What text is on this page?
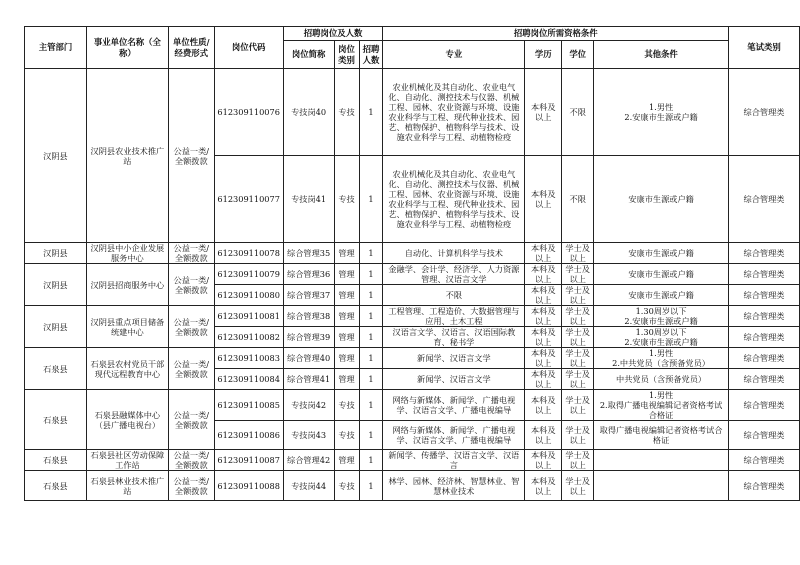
主管部门	事业单位名称（全称）	单位性质/经费形式	岗位代码	招聘岗位及人数			招聘岗位所需资格条件				笔试类别
				岗位简称	岗位类别	招聘人数	专业	学历	学位	其他条件	
汉阴县	汉阴县农业技术推广站	公益一类/全额拨款	612309110076	专技岗40	专技	1	农业机械化及其自动化、农业电气化、自动化、测控技术与仪器、机械工程、园林、农业资源与环境、设施农业科学与工程、现代种业技术、园艺、植物保护、植物科学与技术、设施农业科学与工程、动植物检疫	本科及以上	不限	1.男性
2.安康市生源或户籍	综合管理类
			612309110077	专技岗41	专技	1	农业机械化及其自动化、农业电气化、自动化、测控技术与仪器、机械工程、园林、农业资源与环境、设施农业科学与工程、现代种业技术、园艺、植物保护、植物科学与技术、设施农业科学与工程、动植物检疫	本科及以上	不限	安康市生源或户籍	综合管理类
汉阴县	汉阴县中小企业发展服务中心	公益一类/全额拨款	612309110078	综合管理35	管理	1	自动化、计算机科学与技术	本科及以上	学士及以上	安康市生源或户籍	综合管理类
汉阴县	汉阴县招商服务中心	公益一类/全额拨款	612309110079	综合管理36	管理	1	金融学、会计学、经济学、人力资源管理、汉语言文学	本科及以上	学士及以上	安康市生源或户籍	综合管理类
			612309110080	综合管理37	管理	1	不限	本科及以上	学士及以上	安康市生源或户籍	综合管理类
汉阴县	汉阴县重点项目储备统建中心	公益一类/全额拨款	612309110081	综合管理38	管理	1	工程管理、工程造价、大数据管理与应用、土木工程	本科及以上	学士及以上	1.30周岁以下
2.安康市生源或户籍	综合管理类
			612309110082	综合管理39	管理	1	汉语言文学、汉语言、汉语国际教育、秘书学	本科及以上	学士及以上	1.30周岁以下
2.安康市生源或户籍	综合管理类
石泉县	石泉县农村党员干部现代远程教育中心	公益一类/全额拨款	612309110083	综合管理40	管理	1	新闻学、汉语言文学	本科及以上	学士及以上	1.男性
2.中共党员（含预备党员）	综合管理类
			612309110084	综合管理41	管理	1	新闻学、汉语言文学	本科及以上	学士及以上	中共党员（含预备党员）	综合管理类
石泉县	石泉县融媒体中心（县广播电视台）	公益一类/全额拨款	612309110085	专技岗42	专技	1	网络与新媒体、新闻学、广播电视学、汉语言文学、广播电视编导	本科及以上	学士及以上	1.男性
2.取得广播电视编辑记者资格考试合格证	综合管理类
			612309110086	专技岗43	专技	1	网络与新媒体、新闻学、广播电视学、汉语言文学、广播电视编导	本科及以上	学士及以上	取得广播电视编辑记者资格考试合格证	综合管理类
石泉县	石泉县社区劳动保障工作站	公益一类/全额拨款	612309110087	综合管理42	管理	1	新闻学、传播学、汉语言文学、汉语言	本科及以上	学士及以上		综合管理类
石泉县	石泉县林业技术推广站	公益一类/全额拨款	612309110088	专技岗44	专技	1	林学、园林、经济林、智慧林业、智慧林业技术	本科及以上	学士及以上		综合管理类
